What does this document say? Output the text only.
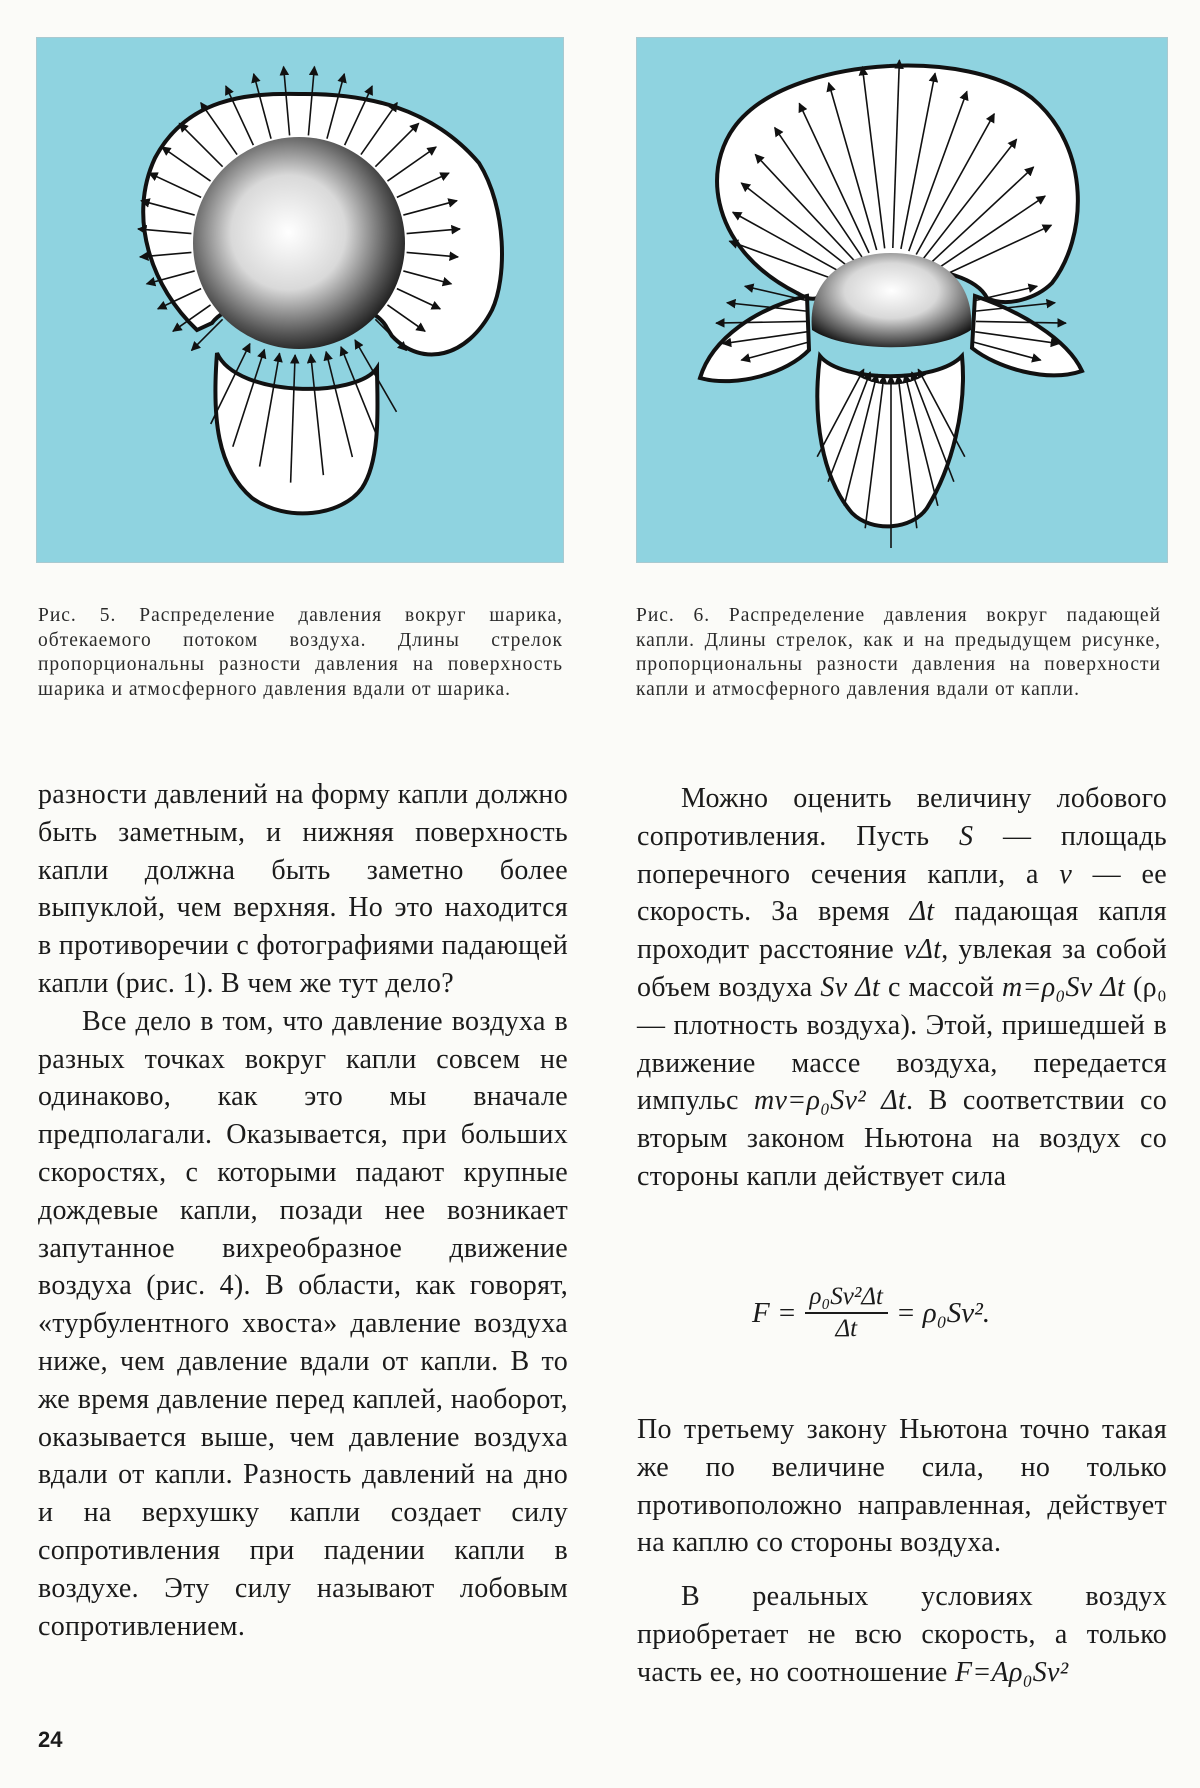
Рис. 5. Распределение давления вокруг шарика, обтекаемого потоком воздуха. Длины стрелок пропорциональны разности давления на поверхность шарика и атмосферного давления вдали от шарика.

Рис. 6. Распределение давления вокруг падающей капли. Длины стрелок, как и на предыдущем рисунке, пропорциональны разности давления на поверхности капли и атмосферного давления вдали от капли.

разности давлений на форму капли должно быть заметным, и нижняя поверхность капли должна быть заметно более выпуклой, чем верхняя. Но это находится в противоречии с фотографиями падающей капли (рис. 1). В чем же тут дело?

Все дело в том, что давление воздуха в разных точках вокруг капли совсем не одинаково, как это мы вначале предполагали. Оказывается, при больших скоростях, с которыми падают крупные дождевые капли, позади нее возникает запутанное вихреобразное движение воздуха (рис. 4). В области, как говорят, «турбулентного хвоста» давление воздуха ниже, чем давление вдали от капли. В то же время давление перед каплей, наоборот, оказывается выше, чем давление воздуха вдали от капли. Разность давлений на дно и на верхушку капли создает силу сопротивления при падении капли в воздухе. Эту силу называют лобовым сопротивлением.

Можно оценить величину лобового сопротивления. Пусть S — площадь поперечного сечения капли, а v — ее скорость. За время Δt падающая капля проходит расстояние vΔt, увлекая за собой объем воздуха Sv Δt с массой m=ρ₀Sv Δt (ρ₀ — плотность воздуха). Этой, пришедшей в движение массе воздуха, передается импульс mv=ρ₀Sv² Δt. В соответствии со вторым законом Ньютона на воздух со стороны капли действует сила

$F = \frac{\text{ρ₀Sv²Δt}}{\Delta t} = \rho_0Sv^2$.

По третьему закону Ньютона точно такая же по величине сила, но только противоположно направленная, действует на каплю со стороны воздуха.

В реальных условиях воздух приобретает не всю скорость, а только часть ее, но соотношение F=Aρ₀Sv²

24
